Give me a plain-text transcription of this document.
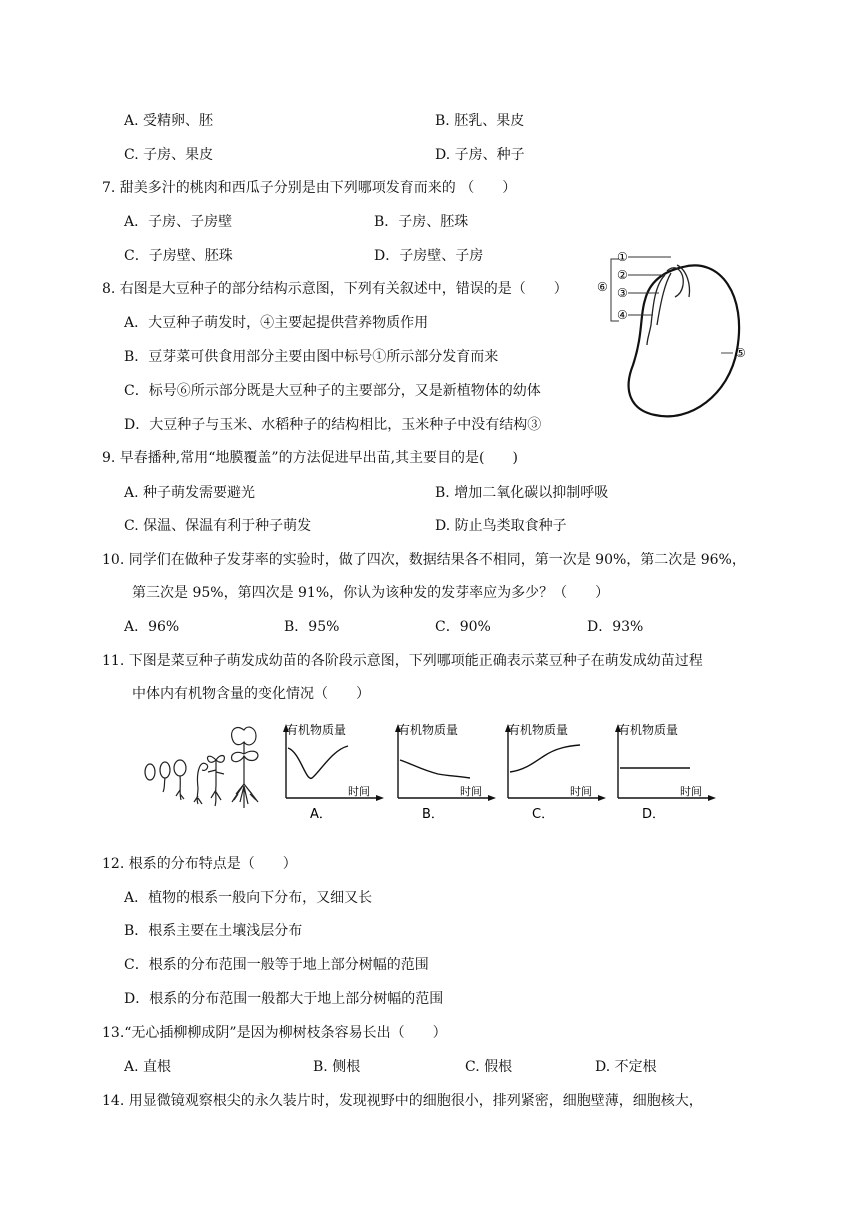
A. 受精卵、胚	B. 胚乳、果皮
C. 子房、果皮	D. 子房、种子
7. 甜美多汁的桃肉和西瓜子分别是由下列哪项发育而来的 （　　）
A．子房、子房壁	B．子房、胚珠
C．子房壁、胚珠	D．子房壁、子房
8. 右图是大豆种子的部分结构示意图，下列有关叙述中，错误的是（　　）
A．大豆种子萌发时，④主要起提供营养物质作用
B．豆芽菜可供食用部分主要由图中标号①所示部分发育而来
C．标号⑥所示部分既是大豆种子的主要部分，又是新植物体的幼体
D．大豆种子与玉米、水稻种子的结构相比，玉米种子中没有结构③
①
②
③
④
⑤
⑥
9. 早春播种,常用“地膜覆盖”的方法促进早出苗,其主要目的是(　　)
A. 种子萌发需要避光	B. 增加二氧化碳以抑制呼吸
C. 保温、保温有利于种子萌发	D. 防止鸟类取食种子
10. 同学们在做种子发芽率的实验时，做了四次，数据结果各不相同，第一次是 90%，第二次是 96%，
第三次是 95%，第四次是 91%，你认为该种发的发芽率应为多少？（　　）
A．96%	B．95%	C．90%	D．93%
11. 下图是菜豆种子萌发成幼苗的各阶段示意图，下列哪项能正确表示菜豆种子在萌发成幼苗过程
中体内有机物含量的变化情况（　　）
有机物质量
时间
A．
有机物质量
时间
B．
有机物质量
时间
C．
有机物质量
时间
D．
12. 根系的分布特点是（　　）
A．植物的根系一般向下分布，又细又长
B．根系主要在土壤浅层分布
C．根系的分布范围一般等于地上部分树幅的范围
D．根系的分布范围一般都大于地上部分树幅的范围
13.“无心插柳柳成阴”是因为柳树枝条容易长出（　　）
A. 直根	B. 侧根	C. 假根	D. 不定根
14. 用显微镜观察根尖的永久装片时，发现视野中的细胞很小，排列紧密，细胞壁薄，细胞核大，
